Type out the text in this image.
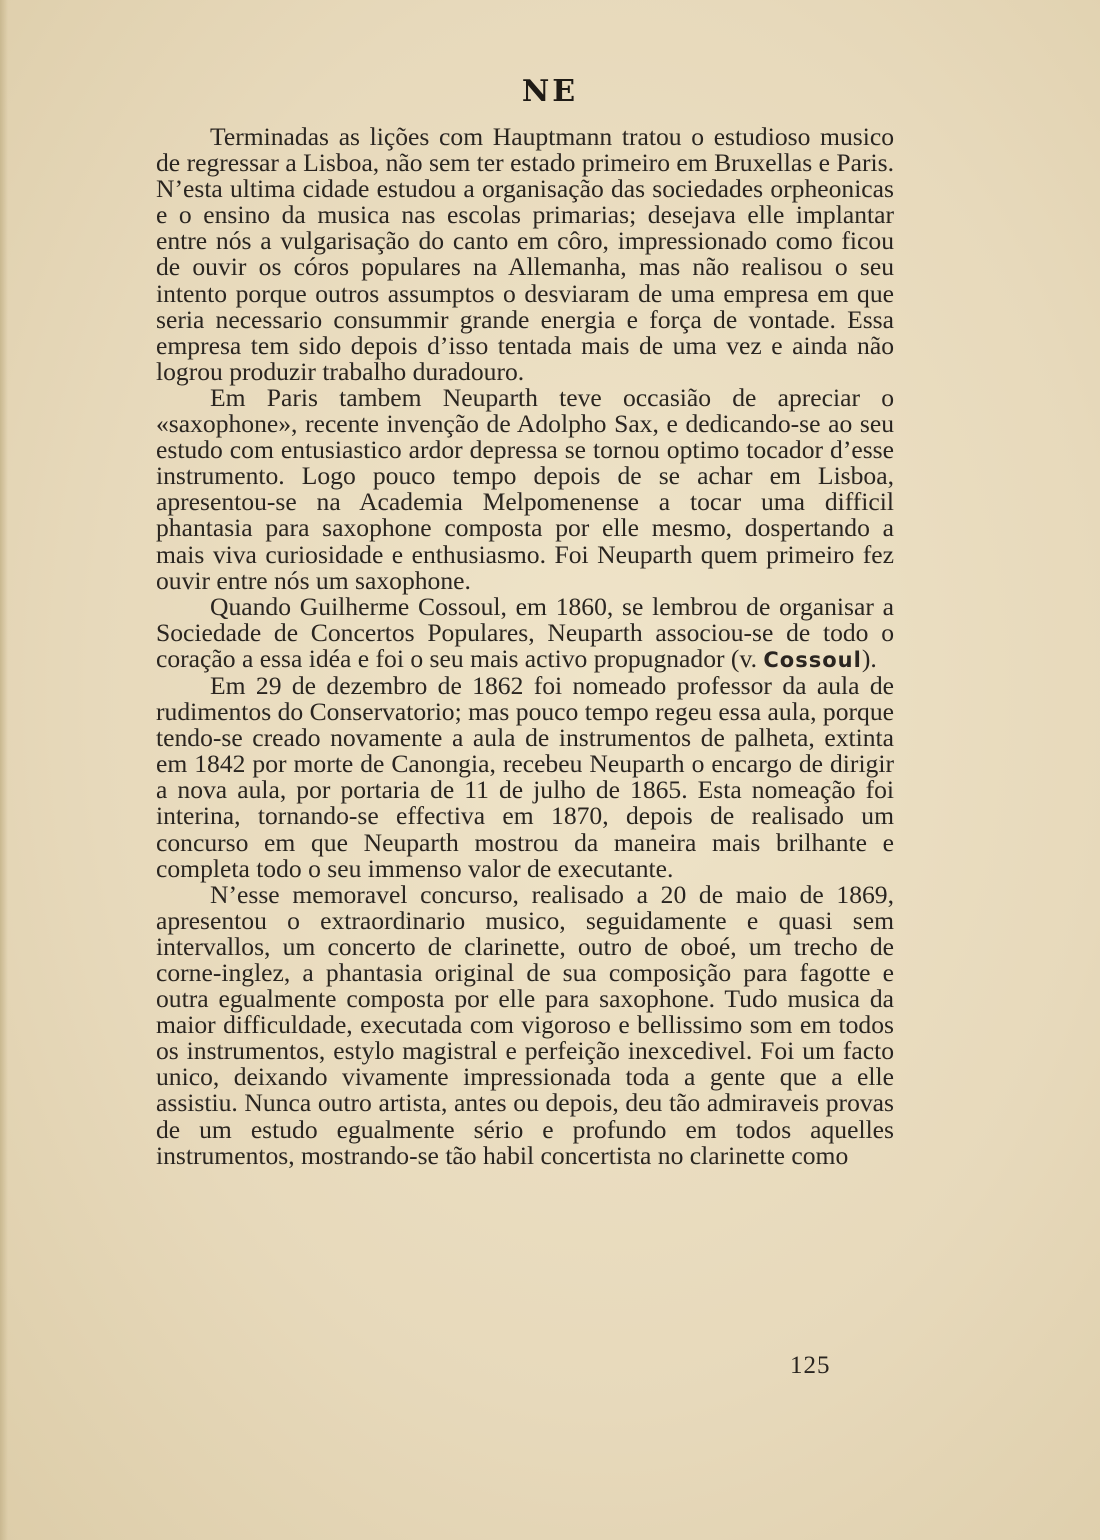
NE

Terminadas as lições com Hauptmann tratou o estudioso musico de regressar a Lisboa, não sem ter estado primeiro em Bruxellas e Paris. N’esta ultima cidade estudou a organisação das sociedades orpheonicas e o ensino da musica nas escolas primarias; desejava elle implantar entre nós a vulgarisação do canto em côro, impressionado como ficou de ouvir os córos populares na Allemanha, mas não realisou o seu intento porque outros assumptos o desviaram de uma empresa em que seria necessario consummir grande energia e força de vontade. Essa empresa tem sido depois d’isso tentada mais de uma vez e ainda não logrou produzir trabalho duradouro.

Em Paris tambem Neuparth teve occasião de apreciar o «saxophone», recente invenção de Adolpho Sax, e dedicando-se ao seu estudo com entusiastico ardor depressa se tornou optimo tocador d’esse instrumento. Logo pouco tempo depois de se achar em Lisboa, apresentou-se na Academia Melpomenense a tocar uma difficil phantasia para saxophone composta por elle mesmo, dospertando a mais viva curiosidade e enthusiasmo. Foi Neuparth quem primeiro fez ouvir entre nós um saxophone.

Quando Guilherme Cossoul, em 1860, se lembrou de organisar a Sociedade de Concertos Populares, Neuparth associou-se de todo o coração a essa idéa e foi o seu mais activo propugnador (v. Cossoul).

Em 29 de dezembro de 1862 foi nomeado professor da aula de rudimentos do Conservatorio; mas pouco tempo regeu essa aula, porque tendo-se creado novamente a aula de instrumentos de palheta, extinta em 1842 por morte de Canongia, recebeu Neuparth o encargo de dirigir a nova aula, por portaria de 11 de julho de 1865. Esta nomeação foi interina, tornando-se effectiva em 1870, depois de realisado um concurso em que Neuparth mostrou da maneira mais brilhante e completa todo o seu immenso valor de executante.

N’esse memoravel concurso, realisado a 20 de maio de 1869, apresentou o extraordinario musico, seguidamente e quasi sem intervallos, um concerto de clarinette, outro de oboé, um trecho de corne-inglez, a phantasia original de sua composição para fagotte e outra egualmente composta por elle para saxophone. Tudo musica da maior difficuldade, executada com vigoroso e bellissimo som em todos os instrumentos, estylo magistral e perfeição inexcedivel. Foi um facto unico, deixando vivamente impressionada toda a gente que a elle assistiu. Nunca outro artista, antes ou depois, deu tão admiraveis provas de um estudo egualmente sério e profundo em todos aquelles instrumentos, mostrando-se tão habil concertista no clarinette como

125
